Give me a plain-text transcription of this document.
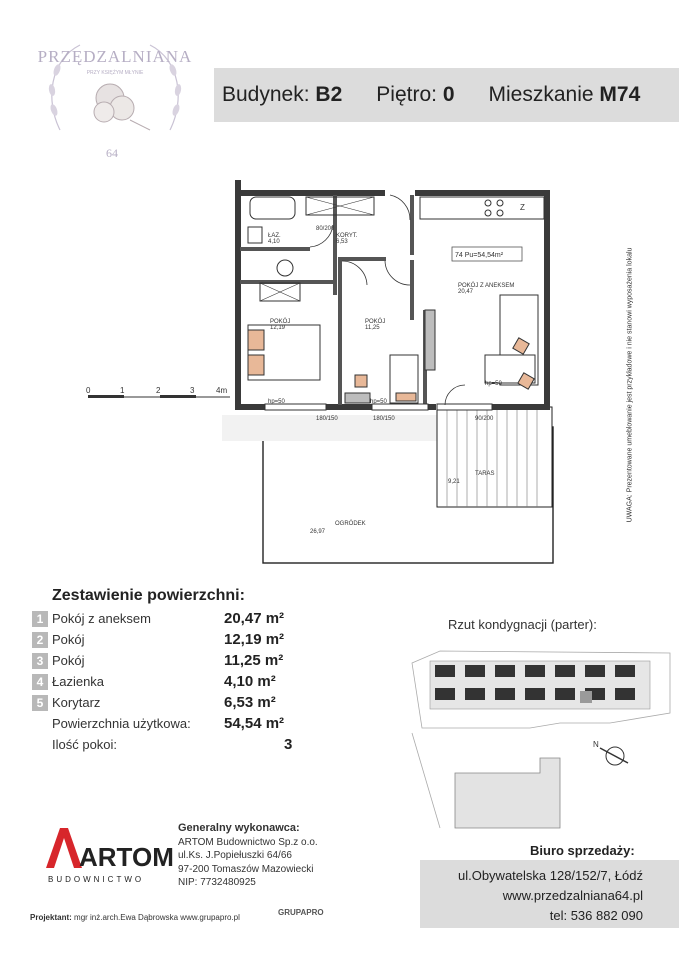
PRZĘDZALNIANA
PRZY KSIĘŻYM MŁYNIE
64
Budynek: B2 Piętro: 0 Mieszkanie M74
Z
ŁAZ.
4,10
KORYT.
6,53
POKÓJ
12,19
POKÓJ
11,25
POKÓJ Z ANEKSEM
20,47
TARAS
9,21
OGRÓDEK
26,97
hp=50	hp=50
hp=50
80/200
180/150	180/150	90/200
74 Pu=54,54m²
0	1	2	3	4m	UWAGA: Prezentowane umeblowanie jest przykładowe i nie stanowi wyposażenia lokalu
Zestawienie powierzchni:
1 Pokój z aneksem	20,47 m²
2 Pokój	12,19 m²
3 Pokój	11,25 m²
4 Łazienka	4,10 m²
5 Korytarz	6,53 m²
Powierzchnia użytkowa:	54,54 m²
Ilość pokoi:	3
Rzut kondygnacji (parter):
N
ARTOM
BUDOWNICTWO
Generalny wykonawca:
ARTOM Budownictwo Sp.z o.o.
ul.Ks. J.Popiełuszki 64/66
97-200 Tomaszów Mazowiecki
NIP: 7732480925
Biuro sprzedaży:
ul.Obywatelska 128/152/7, Łódź
www.przedzalniana64.pl
tel: 536 882 090
Projektant: mgr inż.arch.Ewa Dąbrowska www.grupapro.pl
GRUPAPRO
